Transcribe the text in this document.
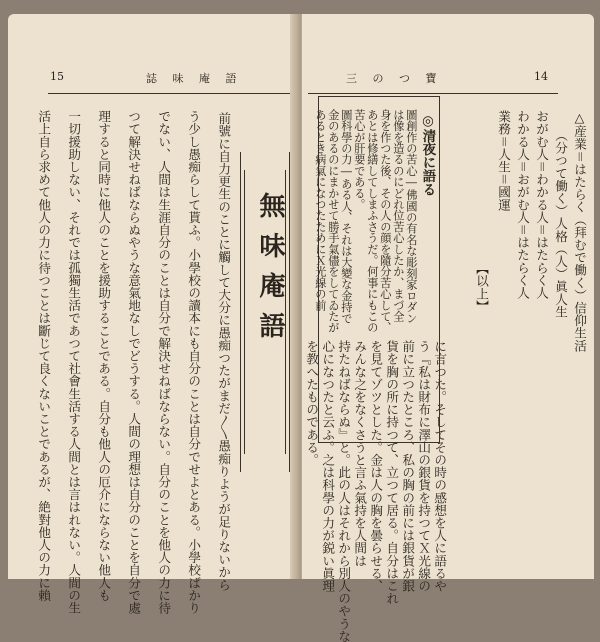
15	誌 味 庵 語
無味庵語
前號に自力更生のことに觸して大分に愚痴つたがまだ〳〵愚痴りようが足りないから
う少し愚痴らして貰ふ。小學校の讀本にも自分のことは自分でせよとある。小學校ばかり
でない、人間は生涯自分のことは自分で解決せねばならない。自分のことを他人の力に待
つて解決せねばならぬやうな意氣地なしでどうする。人間の理想は自分のことを自分で處
理すると同時に他人のことを援助することである。自分も他人の厄介にならない他人も
一切援助しない、それでは孤獨生活であつて社會生活する人間とは言はれない。人間の生
活上自ら求めて他人の力に待つことは斷じて良くないことであるが、絶對他人の力に賴
三 の つ 寶	14
に言つた。そしてその時の感想を人に語るや
う『私は財布に澤山の銀貨を持つてＸ光線の
前に立つたところ、私の胸の前には銀貨が銀
貨を胸の所に持つて、立つて居る。自分はこれ
を見てゾツとした。金は人の胸を曇らせる、
みんな之をなくさうと言ふ氣持を人間は
持たねばならぬ』と。此の人はそれから別人のやうな
心になつたと云ふ。之は科學の力が鋭い眞理
を教へたものである。
△産業＝はたらく（拜むで働く）信仰生活
　　（分つて働く）人格（人）眞人生
おがむ人＝わかる人＝はたらく人
わかる人＝おがむ人＝はたらく人
業務＝人生＝國運
【以上】
◎清夜に語る
圖創作の苦心―佛國の有名な彫刻家ロダン
は像を造るのにどれ位苦心したか、まづ全
身を作つた後、その人の顔を隨分苦心して、
あとは修繕してしまふさうだ。何事にもこの
苦心が肝要である。
圖科學の力―ある人、それは大變な金持で
金のあるのにまかせて勝手氣儘をしてゐたが
あるとき病氣になつたためにＸ光線の前
